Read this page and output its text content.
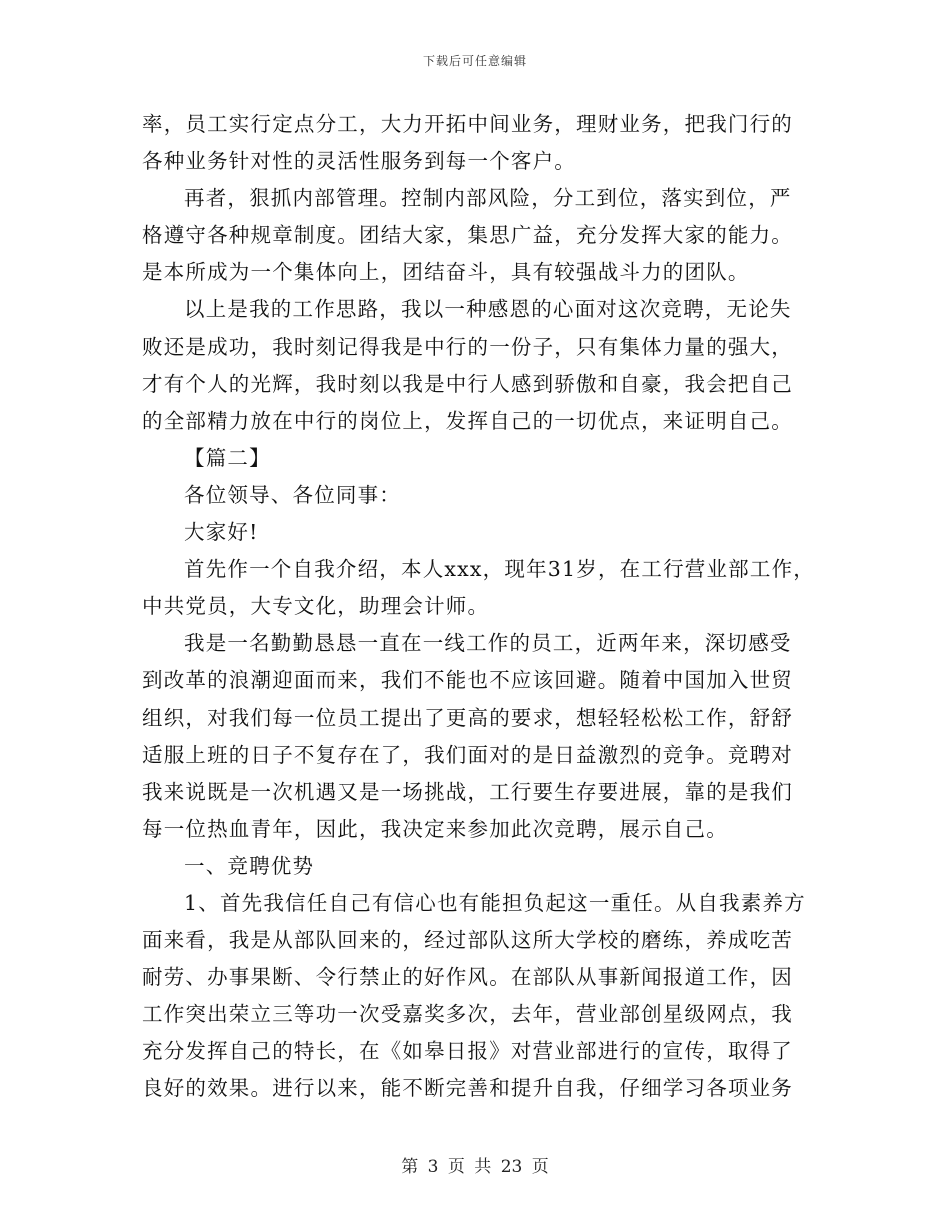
下载后可任意编辑
率，员工实行定点分工，大力开拓中间业务，理财业务，把我门行的
各种业务针对性的灵活性服务到每一个客户。
再者，狠抓内部管理。控制内部风险，分工到位，落实到位，严
格遵守各种规章制度。团结大家，集思广益，充分发挥大家的能力。
是本所成为一个集体向上，团结奋斗，具有较强战斗力的团队。
以上是我的工作思路，我以一种感恩的心面对这次竞聘，无论失
败还是成功，我时刻记得我是中行的一份子，只有集体力量的强大，
才有个人的光辉，我时刻以我是中行人感到骄傲和自豪，我会把自己
的全部精力放在中行的岗位上，发挥自己的一切优点，来证明自己。
【篇二】
各位领导、各位同事：
大家好!
首先作一个自我介绍，本人xxx，现年31岁，在工行营业部工作，
中共党员，大专文化，助理会计师。
我是一名勤勤恳恳一直在一线工作的员工，近两年来，深切感受
到改革的浪潮迎面而来，我们不能也不应该回避。随着中国加入世贸
组织，对我们每一位员工提出了更高的要求，想轻轻松松工作，舒舒
适服上班的日子不复存在了，我们面对的是日益激烈的竞争。竞聘对
我来说既是一次机遇又是一场挑战，工行要生存要进展，靠的是我们
每一位热血青年，因此，我决定来参加此次竞聘，展示自己。
一、竞聘优势
1、首先我信任自己有信心也有能担负起这一重任。从自我素养方
面来看，我是从部队回来的，经过部队这所大学校的磨练，养成吃苦
耐劳、办事果断、令行禁止的好作风。在部队从事新闻报道工作，因
工作突出荣立三等功一次受嘉奖多次，去年，营业部创星级网点，我
充分发挥自己的特长，在《如皋日报》对营业部进行的宣传，取得了
良好的效果。进行以来，能不断完善和提升自我，仔细学习各项业务
第 3 页 共 23 页
